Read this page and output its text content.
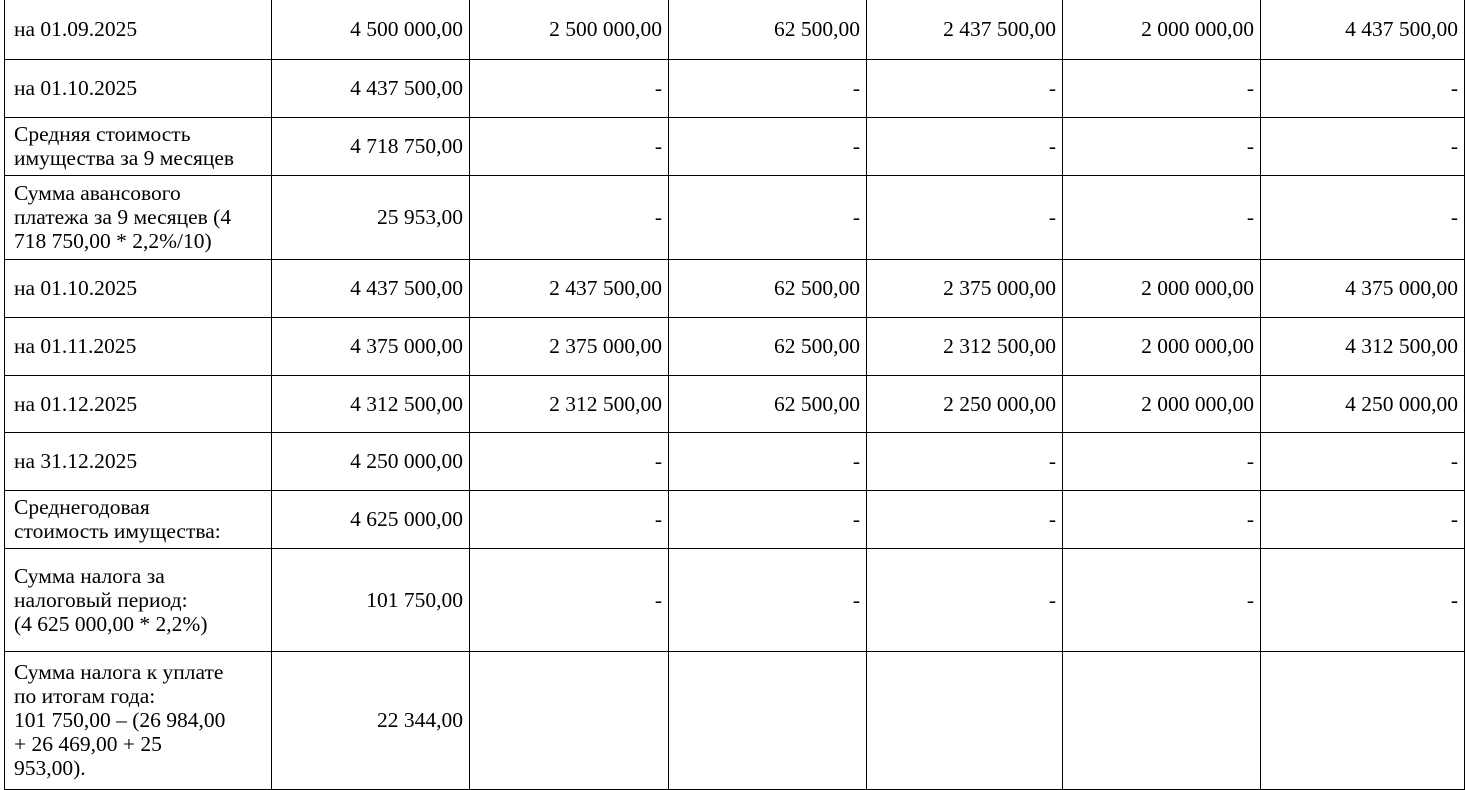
на 01.09.2025	4 500 000,00	2 500 000,00	62 500,00	2 437 500,00	2 000 000,00	4 437 500,00
на 01.10.2025	4 437 500,00	-	-	-	-	-
Средняя стоимость
имущества за 9 месяцев	4 718 750,00	-	-	-	-	-
Сумма авансового
платежа за 9 месяцев (4
718 750,00 * 2,2%/10)	25 953,00	-	-	-	-	-
на 01.10.2025	4 437 500,00	2 437 500,00	62 500,00	2 375 000,00	2 000 000,00	4 375 000,00
на 01.11.2025	4 375 000,00	2 375 000,00	62 500,00	2 312 500,00	2 000 000,00	4 312 500,00
на 01.12.2025	4 312 500,00	2 312 500,00	62 500,00	2 250 000,00	2 000 000,00	4 250 000,00
на 31.12.2025	4 250 000,00	-	-	-	-	-
Среднегодовая
стоимость имущества:	4 625 000,00	-	-	-	-	-
Сумма налога за
налоговый период:
(4 625 000,00 * 2,2%)	101 750,00	-	-	-	-	-
Сумма налога к уплате
по итогам года:
101 750,00 – (26 984,00
+ 26 469,00 + 25
953,00).	22 344,00					
